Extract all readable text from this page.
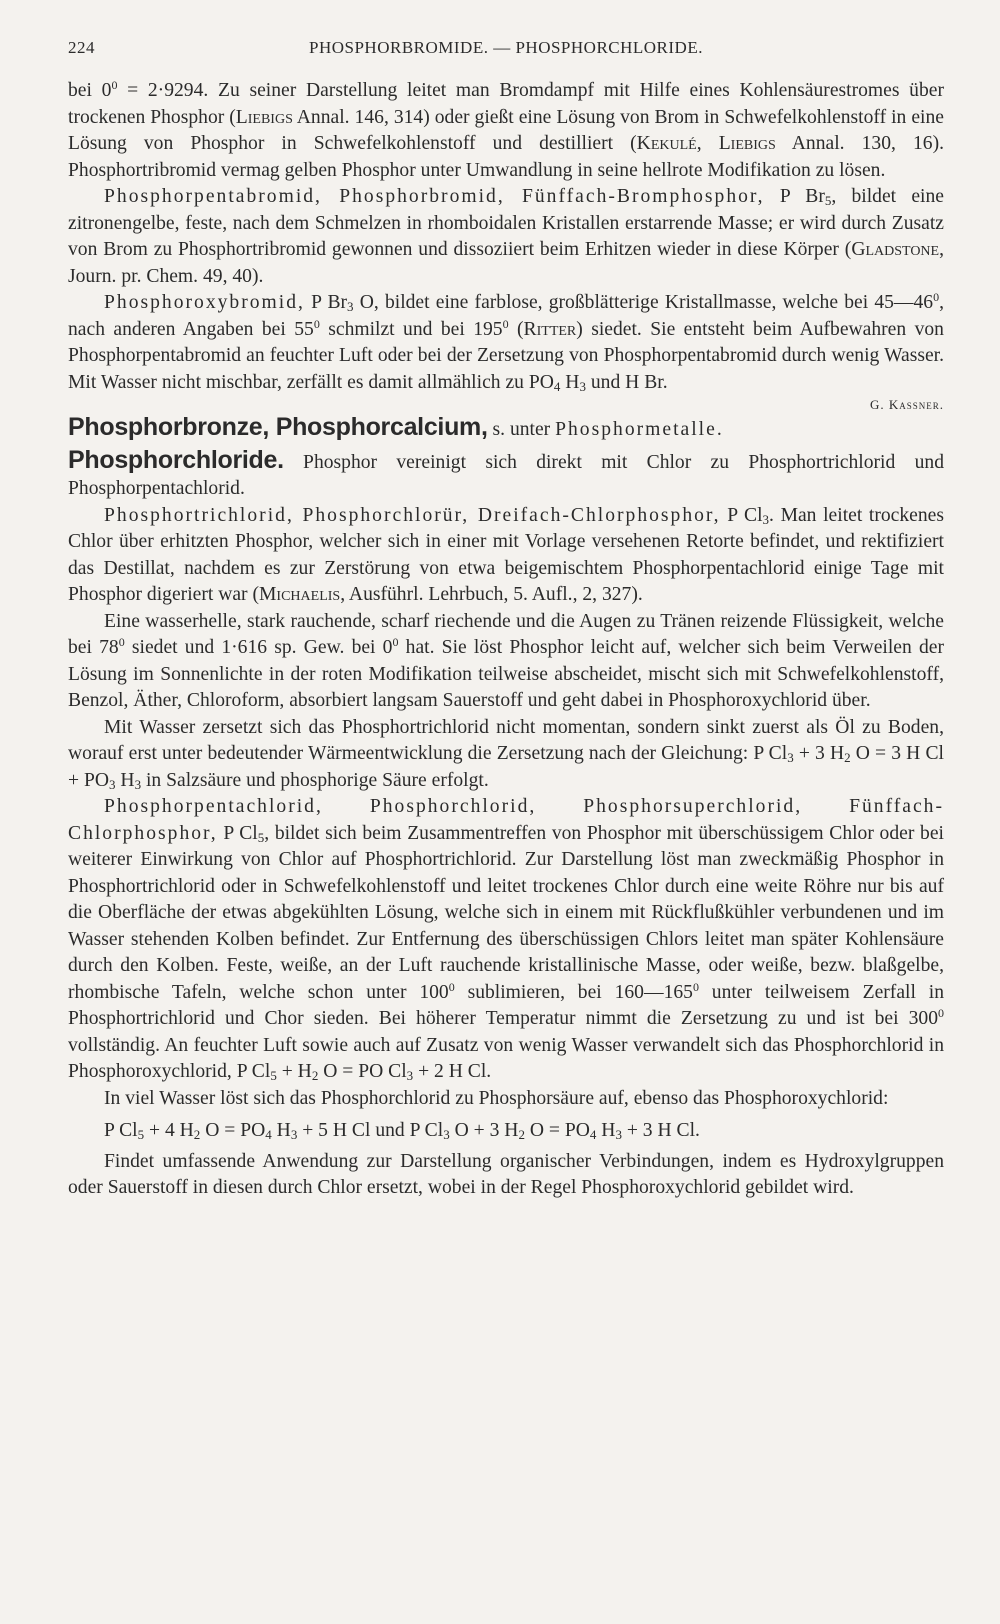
224	PHOSPHORBROMIDE. — PHOSPHORCHLORIDE.

bei $0^0 = 2\cdot 9294$. Zu seiner Darstellung leitet man Bromdampf mit Hilfe eines Kohlensäurestromes über trockenen Phosphor (Liebigs Annal. 146, 314) oder gießt eine Lösung von Brom in Schwefelkohlenstoff in eine Lösung von Phosphor in Schwefelkohlenstoff und destilliert (Kekulé, Liebigs Annal. 130, 16). Phosphortribromid vermag gelben Phosphor unter Umwandlung in seine hellrote Modifikation zu lösen.

Phosphorpentabromid, Phosphorbromid, Fünffach-Bromphosphor, P $Br_5$, bildet eine zitronengelbe, feste, nach dem Schmelzen in rhomboidalen Kristallen erstarrende Masse; er wird durch Zusatz von Brom zu Phosphortribromid gewonnen und dissoziiert beim Erhitzen wieder in diese Körper (Gladstone, Journ. pr. Chem. 49, 40).

Phosphoroxybromid, P $Br_3$ O, bildet eine farblose, großblätterige Kristallmasse, welche bei $45—46^0$, nach anderen Angaben bei $55^0$ schmilzt und bei $195^0$ (Ritter) siedet. Sie entsteht beim Aufbewahren von Phosphorpentabromid an feuchter Luft oder bei der Zersetzung von Phosphorpentabromid durch wenig Wasser. Mit Wasser nicht mischbar, zerfällt es damit allmählich zu $PO_4$ $H_3$ und H Br.

G. Kassner.

Phosphorbronze, Phosphorcalcium, s. unter Phosphormetalle.

Phosphorchloride. Phosphor vereinigt sich direkt mit Chlor zu Phosphortrichlorid und Phosphorpentachlorid.

Phosphortrichlorid, Phosphorchlorür, Dreifach-Chlorphosphor, P $Cl_3$. Man leitet trockenes Chlor über erhitzten Phosphor, welcher sich in einer mit Vorlage versehenen Retorte befindet, und rektifiziert das Destillat, nachdem es zur Zerstörung von etwa beigemischtem Phosphorpentachlorid einige Tage mit Phosphor digeriert war (Michaelis, Ausführl. Lehrbuch, 5. Aufl., 2, 327).

Eine wasserhelle, stark rauchende, scharf riechende und die Augen zu Tränen reizende Flüssigkeit, welche bei $78^0$ siedet und 1·616 sp. Gew. bei $0^0$ hat. Sie löst Phosphor leicht auf, welcher sich beim Verweilen der Lösung im Sonnenlichte in der roten Modifikation teilweise abscheidet, mischt sich mit Schwefelkohlenstoff, Benzol, Äther, Chloroform, absorbiert langsam Sauerstoff und geht dabei in Phosphoroxychlorid über.

Mit Wasser zersetzt sich das Phosphortrichlorid nicht momentan, sondern sinkt zuerst als Öl zu Boden, worauf erst unter bedeutender Wärmeentwicklung die Zersetzung nach der Gleichung: P $Cl_3 + 3$ $H_2$ O = 3 H $Cl + PO_3$ $H_3$ in Salzsäure und phosphorige Säure erfolgt.

Phosphorpentachlorid, Phosphorchlorid, Phosphorsuperchlorid, Fünffach-Chlorphosphor, P $Cl_5$, bildet sich beim Zusammentreffen von Phosphor mit überschüssigem Chlor oder bei weiterer Einwirkung von Chlor auf Phosphortrichlorid. Zur Darstellung löst man zweckmäßig Phosphor in Phosphortrichlorid oder in Schwefelkohlenstoff und leitet trockenes Chlor durch eine weite Röhre nur bis auf die Oberfläche der etwas abgekühlten Lösung, welche sich in einem mit Rückflußkühler verbundenen und im Wasser stehenden Kolben befindet. Zur Entfernung des überschüssigen Chlors leitet man später Kohlensäure durch den Kolben. Feste, weiße, an der Luft rauchende kristallinische Masse, oder weiße, bezw. blaßgelbe, rhombische Tafeln, welche schon unter $100^0$ sublimieren, bei $160—165^0$ unter teilweisem Zerfall in Phosphortrichlorid und Chor sieden. Bei höherer Temperatur nimmt die Zersetzung zu und ist bei $300^0$ vollständig. An feuchter Luft sowie auch auf Zusatz von wenig Wasser verwandelt sich das Phosphorchlorid in Phosphoroxychlorid, P $Cl_5 + H_2$ O = PO $Cl_3 + 2$ H Cl.

In viel Wasser löst sich das Phosphorchlorid zu Phosphorsäure auf, ebenso das Phosphoroxychlorid:

P $Cl_5 + 4$ $H_2$ $O = PO_4$ $H_3 + 5$ H Cl und P $Cl_3$ O + 3 $H_2$ $O = PO_4$ $H_3 + 3$ H Cl.

Findet umfassende Anwendung zur Darstellung organischer Verbindungen, indem es Hydroxylgruppen oder Sauerstoff in diesen durch Chlor ersetzt, wobei in der Regel Phosphoroxychlorid gebildet wird.
